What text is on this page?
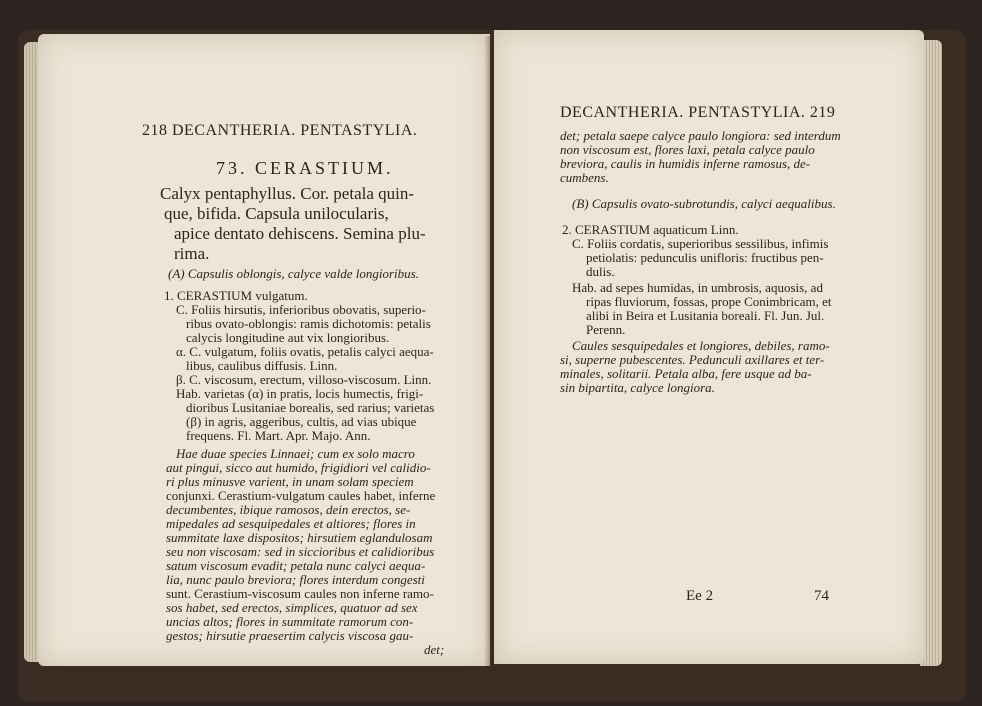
218 DECANTHERIA. PENTASTYLIA.
73. CERASTIUM.
Calyx pentaphyllus. Cor. petala quin-
que, bifida. Capsula unilocularis,
apice dentato dehiscens. Semina plu-
rima.
(A) Capsulis oblongis, calyce valde longioribus.
1. CERASTIUM vulgatum.
C. Foliis hirsutis, inferioribus obovatis, superio-
ribus ovato-oblongis: ramis dichotomis: petalis
calycis longitudine aut vix longioribus.
α. C. vulgatum, foliis ovatis, petalis calyci aequa-
libus, caulibus diffusis. Linn.
β. C. viscosum, erectum, villoso-viscosum. Linn.
Hab. varietas (α) in pratis, locis humectis, frigi-
dioribus Lusitaniae borealis, sed rarius; varietas
(β) in agris, aggeribus, cultis, ad vias ubique
frequens. Fl. Mart. Apr. Majo. Ann.
Hae duae species Linnaei; cum ex solo macro
aut pingui, sicco aut humido, frigidiori vel calidio-
ri plus minusve varient, in unam solam speciem
conjunxi. Cerastium-vulgatum caules habet, inferne
decumbentes, ibique ramosos, dein erectos, se-
mipedales ad sesquipedales et altiores; flores in
summitate laxe dispositos; hirsutiem eglandulosam
seu non viscosam: sed in siccioribus et calidioribus
satum viscosum evadit; petala nunc calyci aequa-
lia, nunc paulo breviora; flores interdum congesti
sunt. Cerastium-viscosum caules non inferne ramo-
sos habet, sed erectos, simplices, quatuor ad sex
uncias altos; flores in summitate ramorum con-
gestos; hirsutie praesertim calycis viscosa gau-
det;
DECANTHERIA. PENTASTYLIA. 219
det; petala saepe calyce paulo longiora: sed interdum
non viscosum est, flores laxi, petala calyce paulo
breviora, caulis in humidis inferne ramosus, de-
cumbens.
(B) Capsulis ovato-subrotundis, calyci aequalibus.
2. CERASTIUM aquaticum Linn.
C. Foliis cordatis, superioribus sessilibus, infimis
petiolatis: pedunculis unifloris: fructibus pen-
dulis.
Hab. ad sepes humidas, in umbrosis, aquosis, ad
ripas fluviorum, fossas, prope Conimbricam, et
alibi in Beira et Lusitania boreali. Fl. Jun. Jul.
Perenn.
Caules sesquipedales et longiores, debiles, ramo-
si, superne pubescentes. Pedunculi axillares et ter-
minales, solitarii. Petala alba, fere usque ad ba-
sin bipartita, calyce longiora.
Ee 2	74
